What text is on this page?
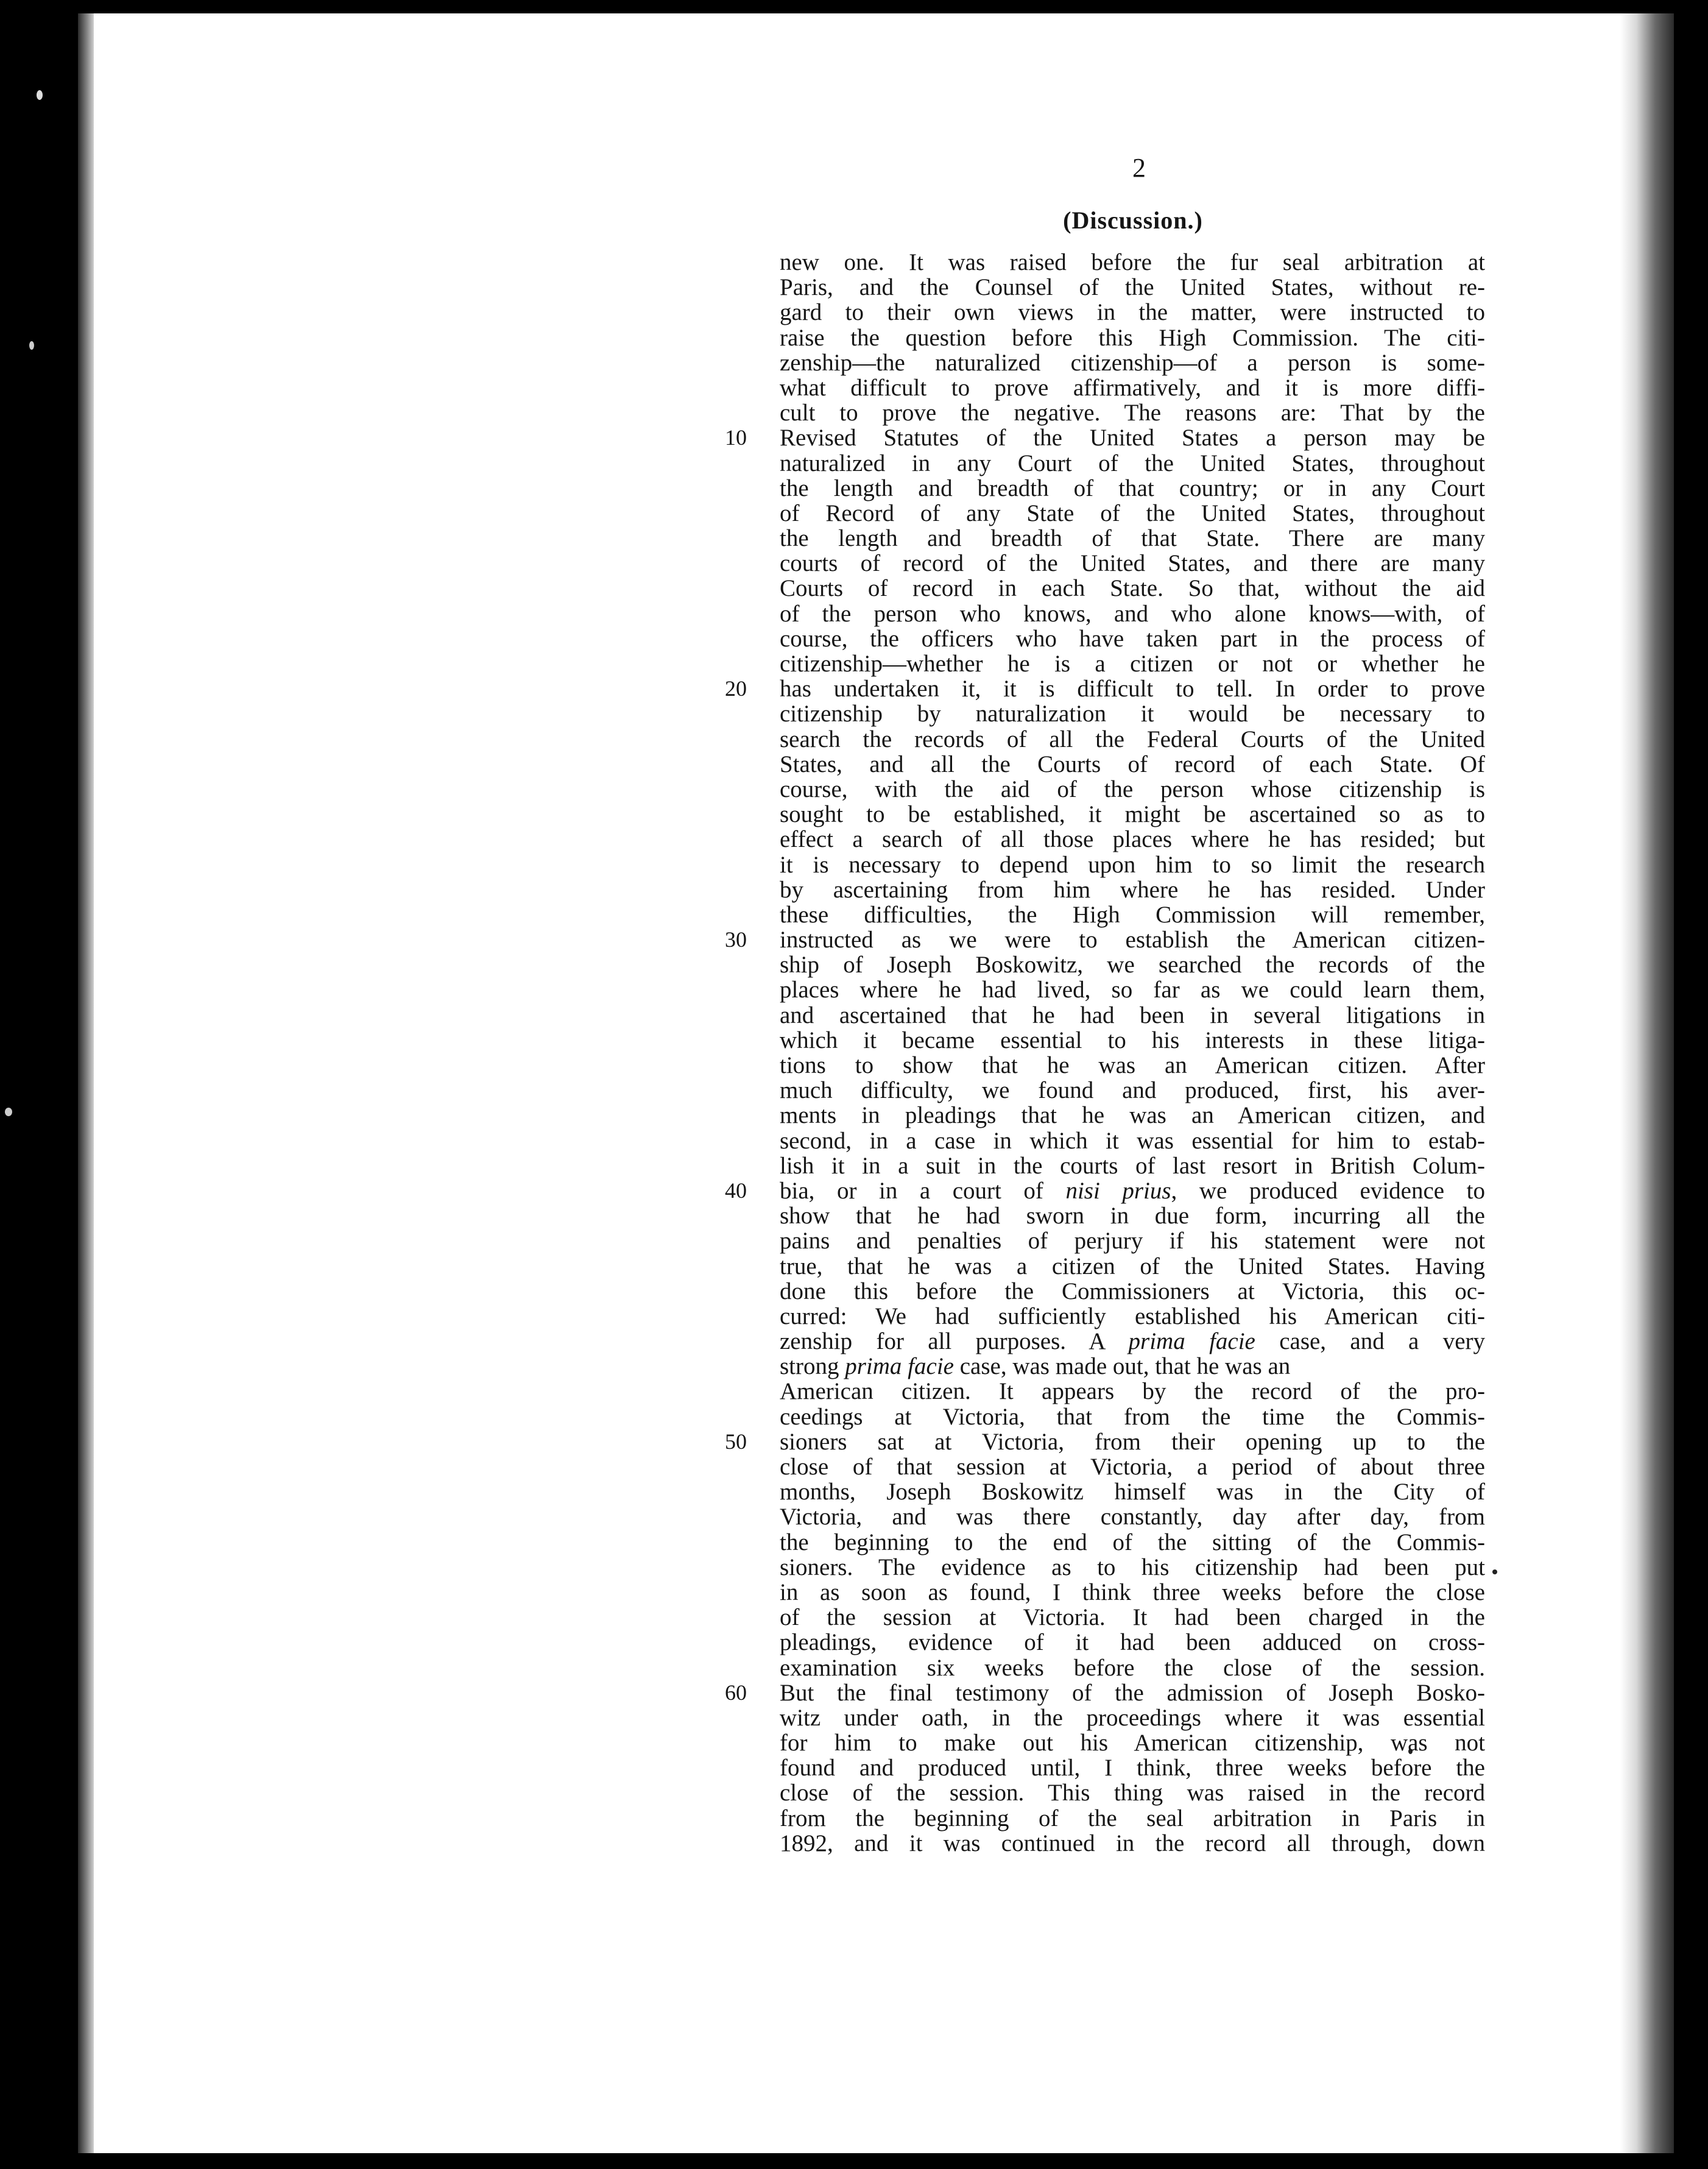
2
(Discussion.)
new one. It was raised before the fur seal arbitration at
Paris, and the Counsel of the United States, without re-
gard to their own views in the matter, were instructed to
raise the question before this High Commission. The citi-
zenship—the naturalized citizenship—of a person is some-
what difficult to prove affirmatively, and it is more diffi-
cult to prove the negative. The reasons are: That by the
10	Revised Statutes of the United States a person may be
naturalized in any Court of the United States, throughout
the length and breadth of that country; or in any Court
of Record of any State of the United States, throughout
the length and breadth of that State. There are many
courts of record of the United States, and there are many
Courts of record in each State. So that, without the aid
of the person who knows, and who alone knows—with, of
course, the officers who have taken part in the process of
citizenship—whether he is a citizen or not or whether he
20	has undertaken it, it is difficult to tell. In order to prove
citizenship by naturalization it would be necessary to
search the records of all the Federal Courts of the United
States, and all the Courts of record of each State. Of
course, with the aid of the person whose citizenship is
sought to be established, it might be ascertained so as to
effect a search of all those places where he has resided; but
it is necessary to depend upon him to so limit the research
by ascertaining from him where he has resided. Under
these difficulties, the High Commission will remember,
30	instructed as we were to establish the American citizen-
ship of Joseph Boskowitz, we searched the records of the
places where he had lived, so far as we could learn them,
and ascertained that he had been in several litigations in
which it became essential to his interests in these litiga-
tions to show that he was an American citizen. After
much difficulty, we found and produced, first, his aver-
ments in pleadings that he was an American citizen, and
second, in a case in which it was essential for him to estab-
lish it in a suit in the courts of last resort in British Colum-
40	bia, or in a court of nisi prius, we produced evidence to
show that he had sworn in due form, incurring all the
pains and penalties of perjury if his statement were not
true, that he was a citizen of the United States. Having
done this before the Commissioners at Victoria, this oc-
curred: We had sufficiently established his American citi-
zenship for all purposes. A prima facie case, and a very
strong prima facie case, was made out, that he was an
American citizen. It appears by the record of the pro-
ceedings at Victoria, that from the time the Commis-
50	sioners sat at Victoria, from their opening up to the
close of that session at Victoria, a period of about three
months, Joseph Boskowitz himself was in the City of
Victoria, and was there constantly, day after day, from
the beginning to the end of the sitting of the Commis-
sioners. The evidence as to his citizenship had been put
in as soon as found, I think three weeks before the close
of the session at Victoria. It had been charged in the
pleadings, evidence of it had been adduced on cross-
examination six weeks before the close of the session.
60	But the final testimony of the admission of Joseph Bosko-
witz under oath, in the proceedings where it was essential
for him to make out his American citizenship, was not
found and produced until, I think, three weeks before the
close of the session. This thing was raised in the record
from the beginning of the seal arbitration in Paris in
1892, and it was continued in the record all through, down
